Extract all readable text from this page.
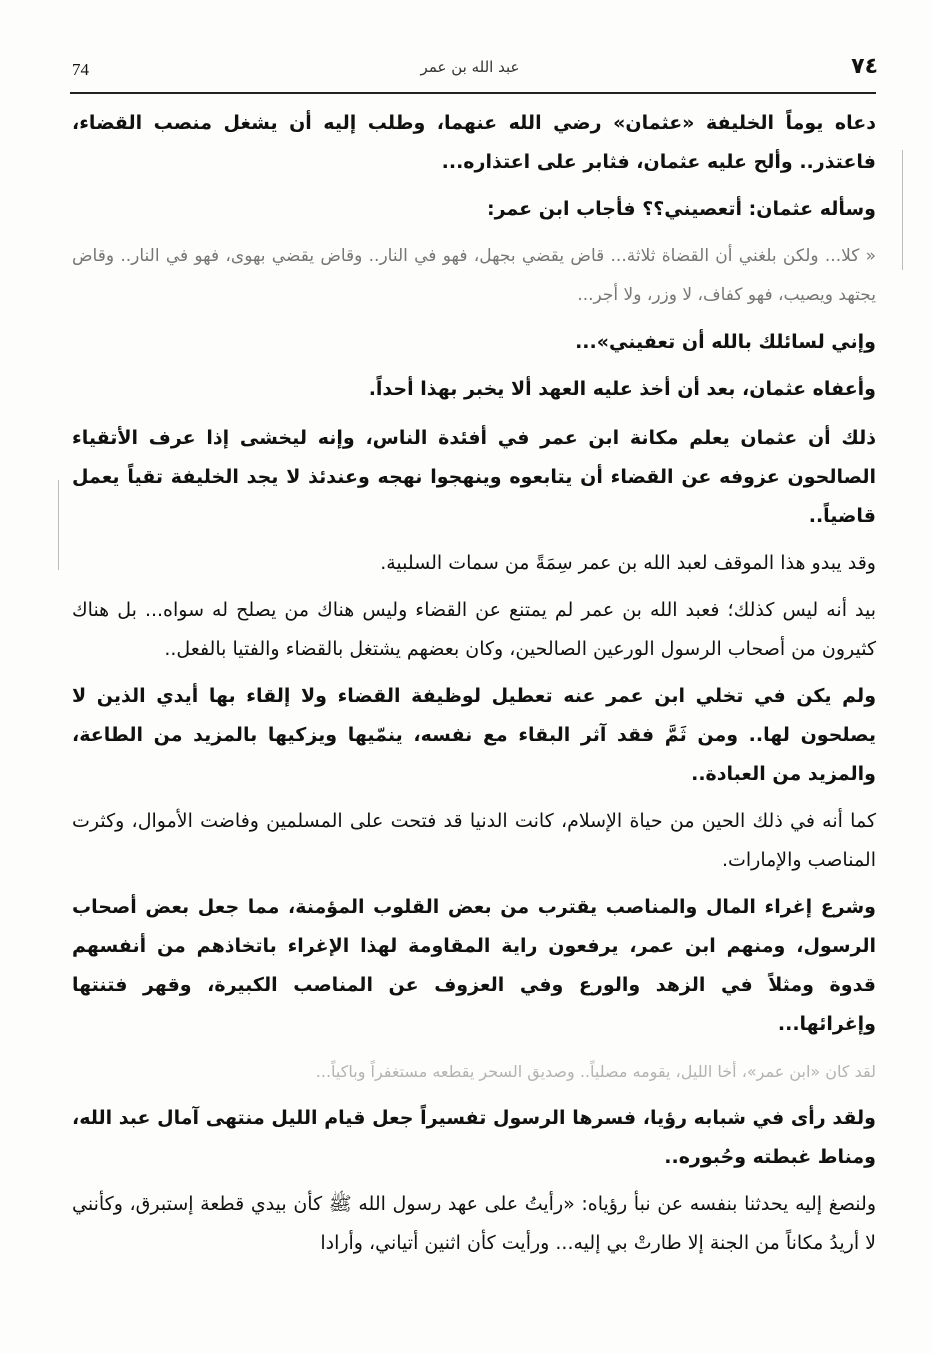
74	عبد الله بن عمر	٧٤

دعاه يوماً الخليفة «عثمان» رضي الله عنهما، وطلب إليه أن يشغل منصب القضاء، فاعتذر.. وألح عليه عثمان، فثابر على اعتذاره...

وسأله عثمان: أتعصيني؟؟ فأجاب ابن عمر:

« كلا... ولكن بلغني أن القضاة ثلاثة... قاض يقضي بجهل، فهو في النار.. وقاض يقضي بهوى، فهو في النار.. وقاض يجتهد ويصيب، فهو كفاف، لا وزر، ولا أجر...

وإني لسائلك بالله أن تعفيني»...

وأعفاه عثمان، بعد أن أخذ عليه العهد ألا يخبر بهذا أحداً.

ذلك أن عثمان يعلم مكانة ابن عمر في أفئدة الناس، وإنه ليخشى إذا عرف الأتقياء الصالحون عزوفه عن القضاء أن يتابعوه وينهجوا نهجه وعندئذ لا يجد الخليفة تقياً يعمل قاضياً..

وقد يبدو هذا الموقف لعبد الله بن عمر سِمَةً من سمات السلبية.

بيد أنه ليس كذلك؛ فعبد الله بن عمر لم يمتنع عن القضاء وليس هناك من يصلح له سواه... بل هناك كثيرون من أصحاب الرسول الورعين الصالحين، وكان بعضهم يشتغل بالقضاء والفتيا بالفعل..

ولم يكن في تخلي ابن عمر عنه تعطيل لوظيفة القضاء ولا إلقاء بها أيدي الذين لا يصلحون لها.. ومن ثَمَّ فقد آثر البقاء مع نفسه، ينمّيها ويزكيها بالمزيد من الطاعة، والمزيد من العبادة..

كما أنه في ذلك الحين من حياة الإسلام، كانت الدنيا قد فتحت على المسلمين وفاضت الأموال، وكثرت المناصب والإمارات.

وشرع إغراء المال والمناصب يقترب من بعض القلوب المؤمنة، مما جعل بعض أصحاب الرسول، ومنهم ابن عمر، يرفعون راية المقاومة لهذا الإغراء باتخاذهم من أنفسهم قدوة ومثلاً في الزهد والورع وفي العزوف عن المناصب الكبيرة، وقهر فتنتها وإغرائها...

لقد كان «ابن عمر»، أخا الليل، يقومه مصلياً.. وصديق السحر يقطعه مستغفراً وباكياً...

ولقد رأى في شبابه رؤيا، فسرها الرسول تفسيراً جعل قيام الليل منتهى آمال عبد الله، ومناط غبطته وحُبوره..

ولنصغ إليه يحدثنا بنفسه عن نبأ رؤياه: «رأيتُ على عهد رسول الله ﷺ كأن بيدي قطعة إستبرق، وكأنني لا أريدُ مكاناً من الجنة إلا طارتْ بي إليه... ورأيت كأن اثنين أتياني، وأرادا
